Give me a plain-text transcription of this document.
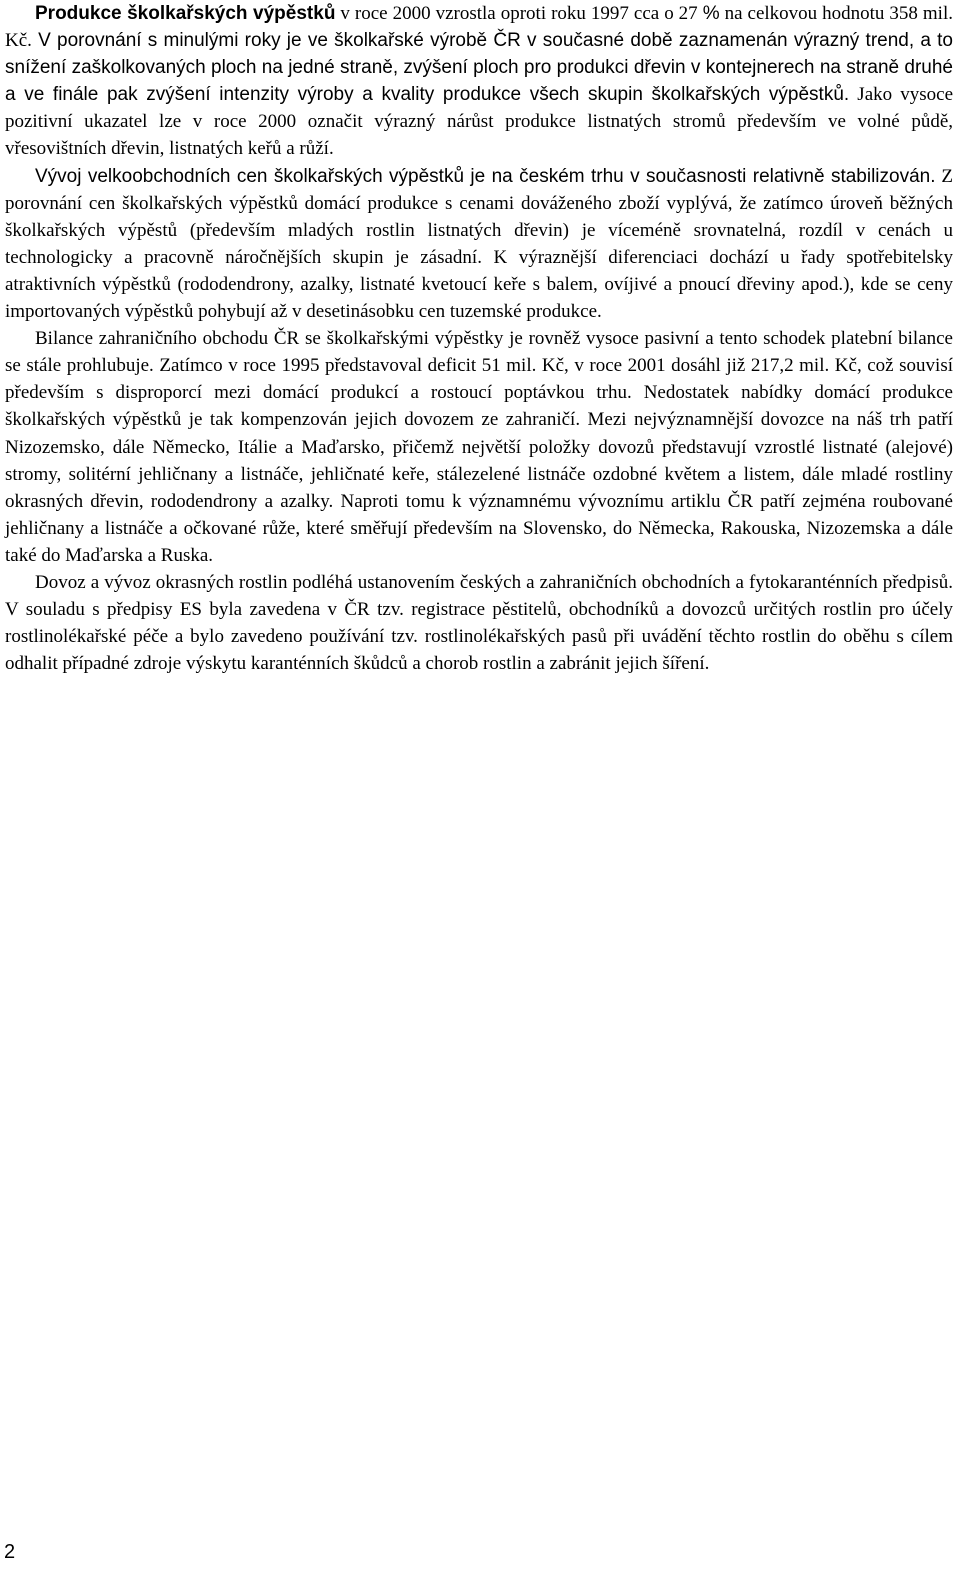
Produkce školkařských výpěstků v roce 2000 vzrostla oproti roku 1997 cca o 27 % na celkovou hodnotu 358 mil. Kč. V porovnání s minulými roky je ve školkařské výrobě ČR v současné době zaznamenán výrazný trend, a to snížení zaškolkovaných ploch na jedné straně, zvýšení ploch pro produkci dřevin v kontejnerech na straně druhé a ve finále pak zvýšení intenzity výroby a kvality produkce všech skupin školkařských výpěstků. Jako vysoce pozitivní ukazatel lze v roce 2000 označit výrazný nárůst produkce listnatých stromů především ve volné půdě, vřesovištních dřevin, listnatých keřů a růží.

Vývoj velkoobchodních cen školkařských výpěstků je na českém trhu v současnosti relativně stabilizován. Z porovnání cen školkařských výpěstků domácí produkce s cenami dováženého zboží vyplývá, že zatímco úroveň běžných školkařských výpěstů (především mladých rostlin listnatých dřevin) je víceméně srovnatelná, rozdíl v cenách u technologicky a pracovně náročnějších skupin je zásadní. K výraznější diferenciaci dochází u řady spotřebitelsky atraktivních výpěstků (rododendrony, azalky, listnaté kvetoucí keře s balem, ovíjivé a pnoucí dřeviny apod.), kde se ceny importovaných výpěstků pohybují až v desetinásobku cen tuzemské produkce.

Bilance zahraničního obchodu ČR se školkařskými výpěstky je rovněž vysoce pasivní a tento schodek platební bilance se stále prohlubuje. Zatímco v roce 1995 představoval deficit 51 mil. Kč, v roce 2001 dosáhl již 217,2 mil. Kč, což souvisí především s disproporcí mezi domácí produkcí a rostoucí poptávkou trhu. Nedostatek nabídky domácí produkce školkařských výpěstků je tak kompenzován jejich dovozem ze zahraničí. Mezi nejvýznamnější dovozce na náš trh patří Nizozemsko, dále Německo, Itálie a Maďarsko, přičemž největší položky dovozů představují vzrostlé listnaté (alejové) stromy, solitérní jehličnany a listnáče, jehličnaté keře, stálezelené listnáče ozdobné květem a listem, dále mladé rostliny okrasných dřevin, rododendrony a azalky. Naproti tomu k významnému vývoznímu artiklu ČR patří zejména roubované jehličnany a listnáče a očkované růže, které směřují především na Slovensko, do Německa, Rakouska, Nizozemska a dále také do Maďarska a Ruska.

Dovoz a vývoz okrasných rostlin podléhá ustanovením českých a zahraničních obchodních a fytokaranténních předpisů. V souladu s předpisy ES byla zavedena v ČR tzv. registrace pěstitelů, obchodníků a dovozců určitých rostlin pro účely rostlinolékařské péče a bylo zavedeno používání tzv. rostlinolékařských pasů při uvádění těchto rostlin do oběhu s cílem odhalit případné zdroje výskytu karanténních škůdců a chorob rostlin a zabránit jejich šíření.

2
